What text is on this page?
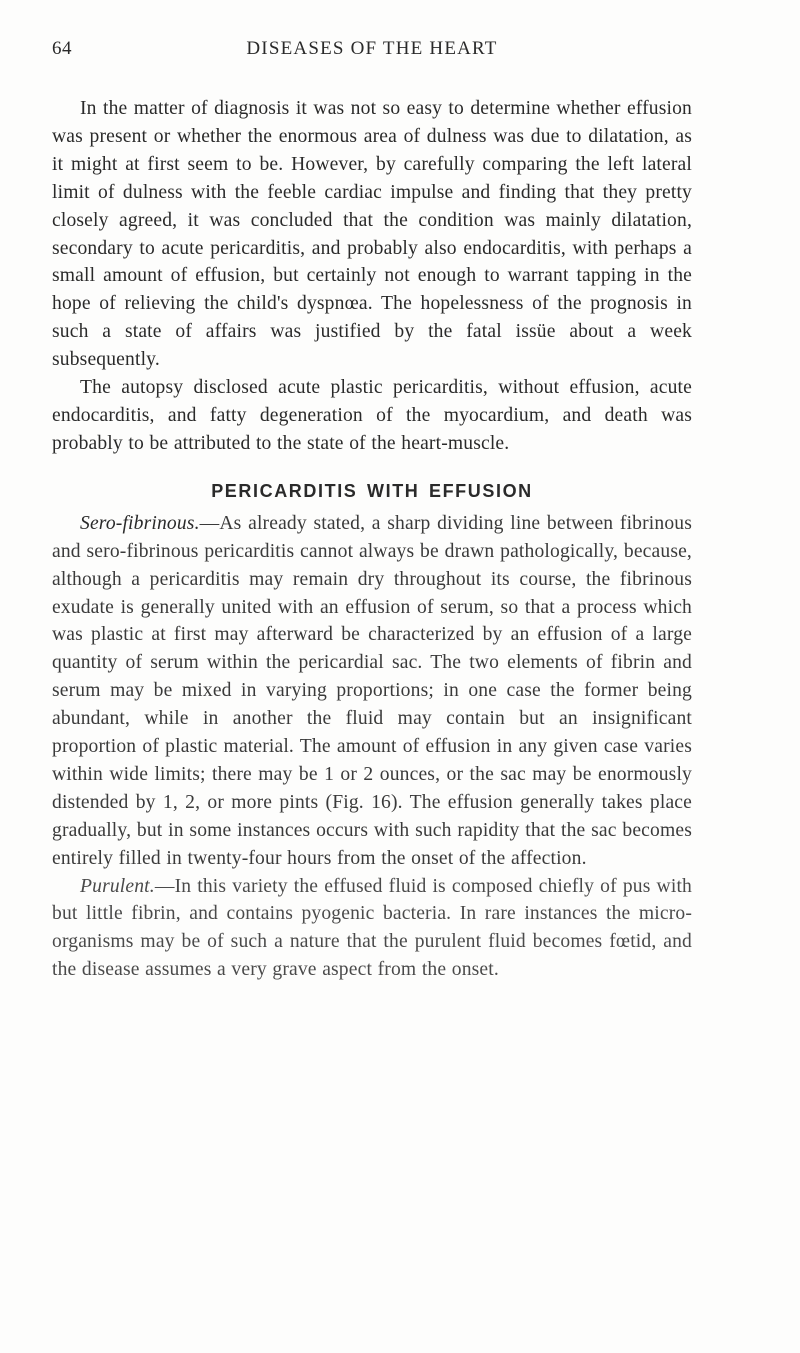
64	DISEASES OF THE HEART

In the matter of diagnosis it was not so easy to determine whether effusion was present or whether the enormous area of dulness was due to dilatation, as it might at first seem to be. However, by carefully comparing the left lateral limit of dulness with the feeble cardiac impulse and finding that they pretty closely agreed, it was concluded that the condition was mainly dilatation, secondary to acute pericarditis, and probably also endocarditis, with perhaps a small amount of effusion, but certainly not enough to warrant tapping in the hope of relieving the child's dyspnœa. The hopelessness of the prognosis in such a state of affairs was justified by the fatal issüe about a week subsequently.

The autopsy disclosed acute plastic pericarditis, without effusion, acute endocarditis, and fatty degeneration of the myocardium, and death was probably to be attributed to the state of the heart-muscle.

PERICARDITIS WITH EFFUSION

Sero-fibrinous.—As already stated, a sharp dividing line between fibrinous and sero-fibrinous pericarditis cannot always be drawn pathologically, because, although a pericarditis may remain dry throughout its course, the fibrinous exudate is generally united with an effusion of serum, so that a process which was plastic at first may afterward be characterized by an effusion of a large quantity of serum within the pericardial sac. The two elements of fibrin and serum may be mixed in varying proportions; in one case the former being abundant, while in another the fluid may contain but an insignificant proportion of plastic material. The amount of effusion in any given case varies within wide limits; there may be 1 or 2 ounces, or the sac may be enormously distended by 1, 2, or more pints (Fig. 16). The effusion generally takes place gradually, but in some instances occurs with such rapidity that the sac becomes entirely filled in twenty-four hours from the onset of the affection.

Purulent.—In this variety the effused fluid is composed chiefly of pus with but little fibrin, and contains pyogenic bacteria. In rare instances the micro-organisms may be of such a nature that the purulent fluid becomes fœtid, and the disease assumes a very grave aspect from the onset.
